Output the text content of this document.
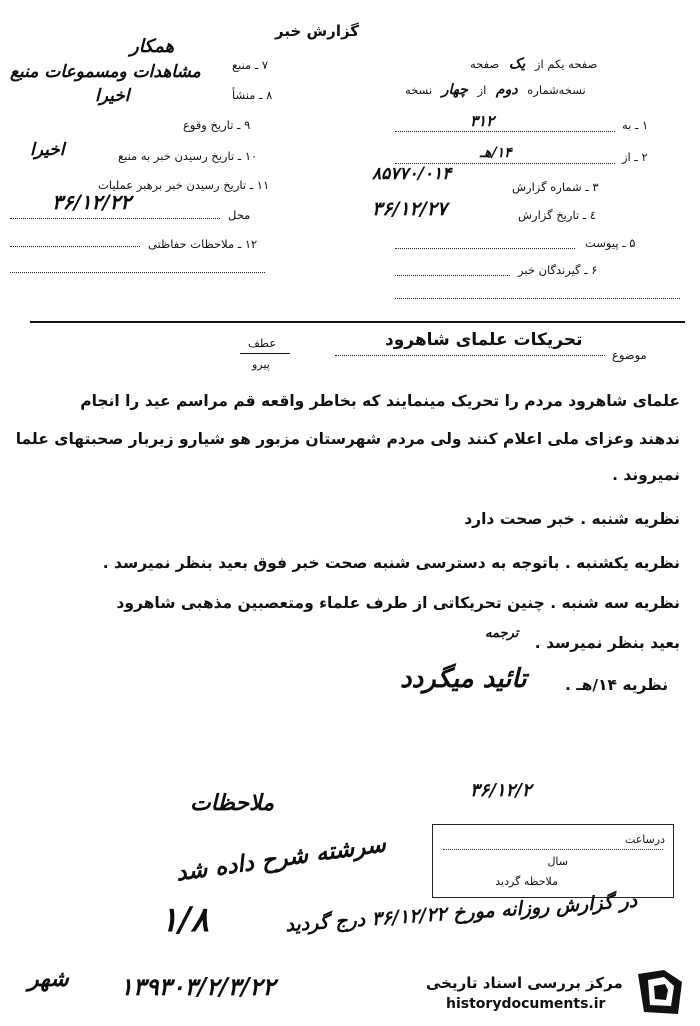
گزارش خبر
همکار
مشاهدات ومسموعات منبع
اخیرا
اخیرا
۳۶/۱۲/۲۲
۷ ـ منبع
۸ ـ منشأ
۹ ـ تاریخ وقوع
۱۰ ـ تاریخ رسیدن خبر به منبع
۱۱ ـ تاریخ رسیدن خبر برهبر عملیات
محل
۱۲ ـ ملاحظات حفاظتی
صفحه یکم از یک صفحه
نسخه‌شماره دوم از چهار نسخه
۱ ـ به
۳۱۲
۲ ـ از
۱۴/هـ
۳ ـ شماره گزارش
۸۵۷۷۰/۰۱۴
٤ ـ تاریخ گزارش
۳۶/۱۲/۲۷
۵ ـ پیوست
۶ ـ گیرندگان خبر
عطف
پیرو
تحریکات علمای شاهرود
موضوع
علمای شاهرود مردم را تحریک مینمایند که بخاطر واقعه قم مراسم عید را انجام
ندهند وعزای ملی اعلام کنند ولی مردم شهرستان مزبور هو شیارو زیربار صحبتهای علما
نمیروند .
نظریه شنبه . خبر صحت دارد
نظریه یکشنبه . باتوجه به دسترسی شنبه صحت خبر فوق بعید بنظر نمیرسد .
نظریه سه شنبه . چنین تحریکاتی از طرف علماء ومتعصبین مذهبی شاهرود
بعید بنظر نمیرسد .
ترجمه
نظریه ۱۴/هـ .
تائید میگردد
۳۶/۱۲/۲
ملاحظات
سرشته شرح داده شد
۱/۸
درساعت
سال
ملاحظه گردید
در گزارش روزانه مورخ ۳۶/۱۲/۲۲ درج گردید
۱۳۹۳۰۳/۲/۳/۲۲
شهر	مرکز بررسی اسناد تاریخی
historydocuments.ir
